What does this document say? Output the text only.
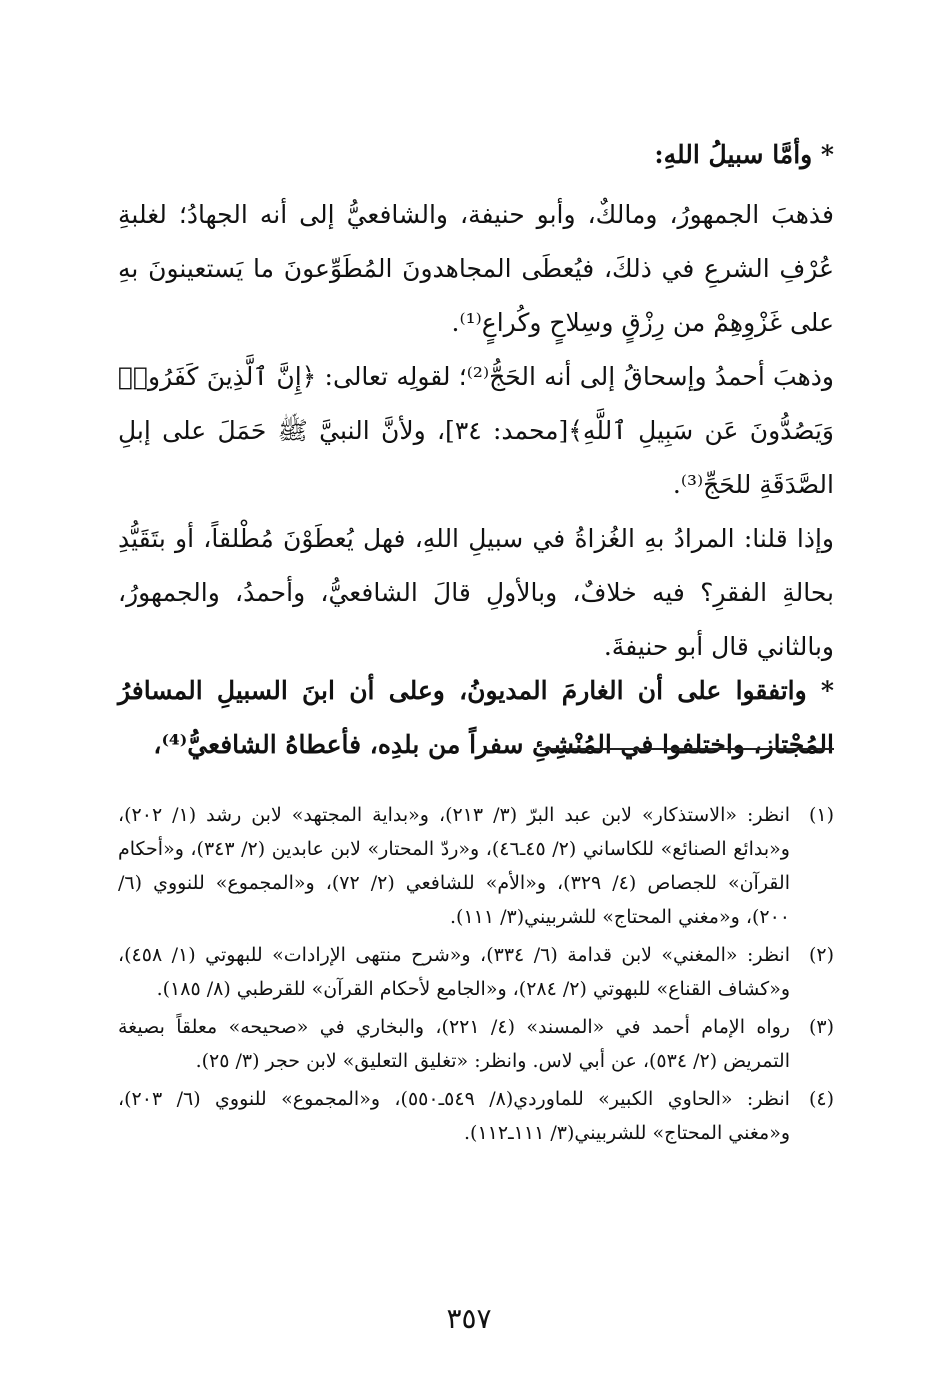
* وأمَّا سبيلُ اللهِ:

فذهبَ الجمهورُ، ومالكٌ، وأبو حنيفة، والشافعيُّ إلى أنه الجهادُ؛ لغلبةِ عُرْفِ الشرعِ في ذلكَ، فيُعطَى المجاهدونَ المُطَوِّعونَ ما يَستعينونَ بهِ على غَزْوِهِمْ من رِزْقٍ وسِلاحٍ وكُراعٍ⁽¹⁾.

وذهبَ أحمدُ وإسحاقُ إلى أنه الحَجُّ⁽²⁾؛ لقولِه تعالى: ﴿إِنَّ ٱلَّذِينَ كَفَرُوا۟ وَيَصُدُّونَ عَن سَبِيلِ ٱللَّهِ﴾[محمد: ٣٤]، ولأنَّ النبيَّ ﷺ حَمَلَ على إبلِ الصَّدَقَةِ للحَجِّ⁽³⁾.

وإذا قلنا: المرادُ بهِ الغُزاةُ في سبيلِ اللهِ، فهل يُعطَوْنَ مُطْلقاً، أو بتَقَيُّدِ بحالةِ الفقرِ؟ فيه خلافٌ، وبالأولِ قالَ الشافعيُّ، وأحمدُ، والجمهورُ، وبالثاني قال أبو حنيفةَ.

* واتفقوا على أن الغارمَ المديونُ، وعلى أن ابنَ السبيلِ المسافرُ المُجْتاز، واختلفوا في المُنْشِئِ سفراً من بلدِه، فأعطاهُ الشافعيُّ⁽⁴⁾،

(١)
انظر: «الاستذكار» لابن عبد البرّ (٣/ ٢١٣)، و«بداية المجتهد» لابن رشد (١/ ٢٠٢)، و«بدائع الصنائع» للكاساني (٢/ ٤٥ـ٤٦)، و«ردّ المحتار» لابن عابدين (٢/ ٣٤٣)، و«أحكام القرآن» للجصاص (٤/ ٣٢٩)، و«الأم» للشافعي (٢/ ٧٢)، و«المجموع» للنووي (٦/ ٢٠٠)، و«مغني المحتاج» للشربيني(٣/ ١١١).
(٢)
انظر: «المغني» لابن قدامة (٦/ ٣٣٤)، و«شرح منتهى الإرادات» للبهوتي (١/ ٤٥٨)، و«كشاف القناع» للبهوتي (٢/ ٢٨٤)، و«الجامع لأحكام القرآن» للقرطبي (٨/ ١٨٥).
(٣)
رواه الإمام أحمد في «المسند» (٤/ ٢٢١)، والبخاري في «صحيحه» معلقاً بصيغة التمريض (٢/ ٥٣٤)، عن أبي لاس. وانظر: «تغليق التعليق» لابن حجر (٣/ ٢٥).
(٤)
انظر: «الحاوي الكبير» للماوردي(٨/ ٥٤٩ـ٥٥٠)، و«المجموع» للنووي (٦/ ٢٠٣)، و«مغني المحتاج» للشربيني(٣/ ١١١ـ١١٢).
٣٥٧
